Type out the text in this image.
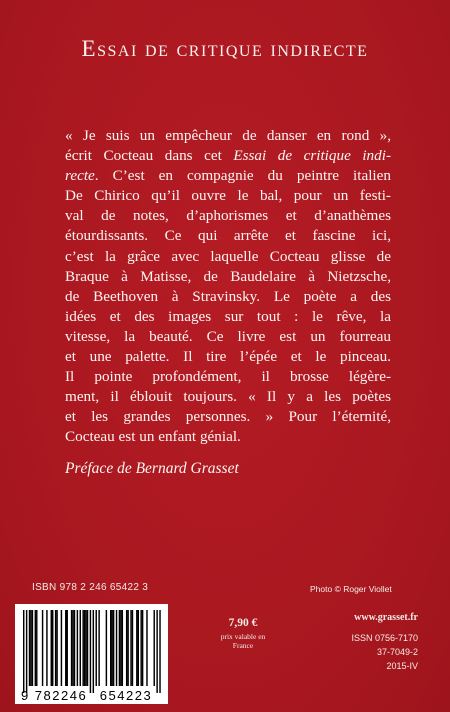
Essai de critique indirecte
« Je suis un empêcheur de danser en rond »,
écrit Cocteau dans cet Essai de critique indi-
recte. C’est en compagnie du peintre italien
De Chirico qu’il ouvre le bal, pour un festi-
val de notes, d’aphorismes et d’anathèmes
étourdissants. Ce qui arrête et fascine ici,
c’est la grâce avec laquelle Cocteau glisse de
Braque à Matisse, de Baudelaire à Nietzsche,
de Beethoven à Stravinsky. Le poète a des
idées et des images sur tout : le rêve, la
vitesse, la beauté. Ce livre est un fourreau
et une palette. Il tire l’épée et le pinceau.
Il pointe profondément, il brosse légère-
ment, il éblouit toujours. « Il y a les poètes
et les grandes personnes. » Pour l’éternité,
Cocteau est un enfant génial.
Préface de Bernard Grasset
ISBN 978 2 246 65422 3	Photo © Roger Viollet
9 782246 654223
7,90 €
prix valable en
France
www.grasset.fr
ISSN 0756-7170
37-7049-2
2015-IV
